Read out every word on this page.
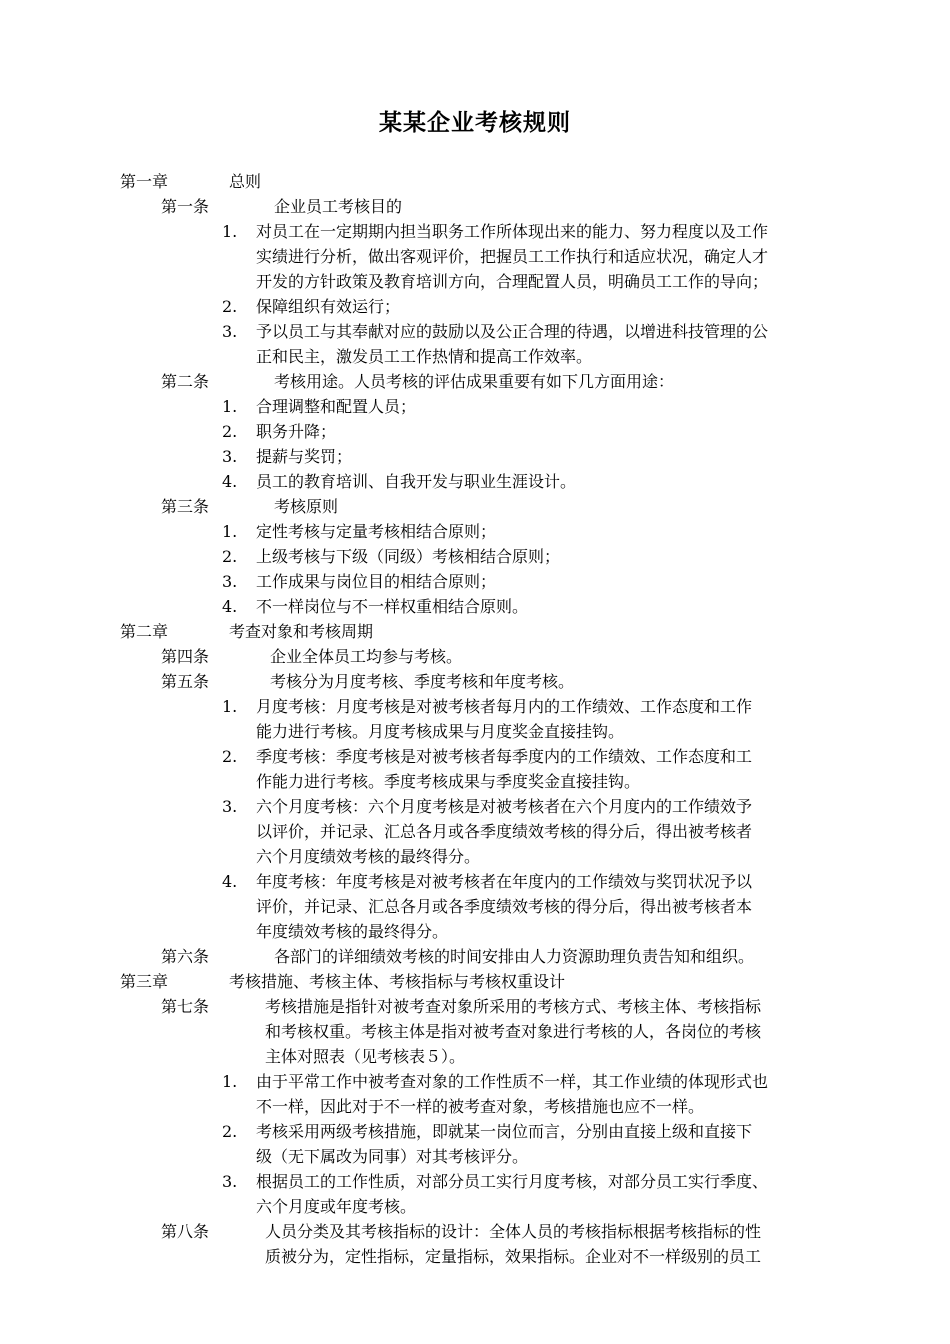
某某企业考核规则
第一章	总则
第一条	企业员工考核目的
1. 对员工在一定期期内担当职务工作所体现出来的能力、努力程度以及工作
实绩进行分析，做出客观评价，把握员工工作执行和适应状况，确定人才
开发的方针政策及教育培训方向，合理配置人员，明确员工工作的导向；
2. 保障组织有效运行；
3. 予以员工与其奉献对应的鼓励以及公正合理的待遇，以增进科技管理的公
正和民主，激发员工工作热情和提高工作效率。
第二条	考核用途。人员考核的评估成果重要有如下几方面用途：
1. 合理调整和配置人员；
2. 职务升降；
3. 提薪与奖罚；
4. 员工的教育培训、自我开发与职业生涯设计。
第三条	考核原则
1. 定性考核与定量考核相结合原则；
2. 上级考核与下级（同级）考核相结合原则；
3. 工作成果与岗位目的相结合原则；
4. 不一样岗位与不一样权重相结合原则。
第二章	考查对象和考核周期
第四条	企业全体员工均参与考核。
第五条	考核分为月度考核、季度考核和年度考核。
1. 月度考核：月度考核是对被考核者每月内的工作绩效、工作态度和工作
能力进行考核。月度考核成果与月度奖金直接挂钩。
2. 季度考核：季度考核是对被考核者每季度内的工作绩效、工作态度和工
作能力进行考核。季度考核成果与季度奖金直接挂钩。
3. 六个月度考核：六个月度考核是对被考核者在六个月度内的工作绩效予
以评价，并记录、汇总各月或各季度绩效考核的得分后，得出被考核者
六个月度绩效考核的最终得分。
4. 年度考核：年度考核是对被考核者在年度内的工作绩效与奖罚状况予以
评价，并记录、汇总各月或各季度绩效考核的得分后，得出被考核者本
年度绩效考核的最终得分。
第六条	各部门的详细绩效考核的时间安排由人力资源助理负责告知和组织。
第三章	考核措施、考核主体、考核指标与考核权重设计
第七条	考核措施是指针对被考查对象所采用的考核方式、考核主体、考核指标
和考核权重。考核主体是指对被考查对象进行考核的人，各岗位的考核
主体对照表（见考核表５）。
1. 由于平常工作中被考查对象的工作性质不一样，其工作业绩的体现形式也
不一样，因此对于不一样的被考查对象，考核措施也应不一样。
2. 考核采用两级考核措施，即就某一岗位而言，分别由直接上级和直接下
级（无下属改为同事）对其考核评分。
3. 根据员工的工作性质，对部分员工实行月度考核，对部分员工实行季度、
六个月度或年度考核。
第八条	人员分类及其考核指标的设计：全体人员的考核指标根据考核指标的性
质被分为，定性指标，定量指标，效果指标。企业对不一样级别的员工
